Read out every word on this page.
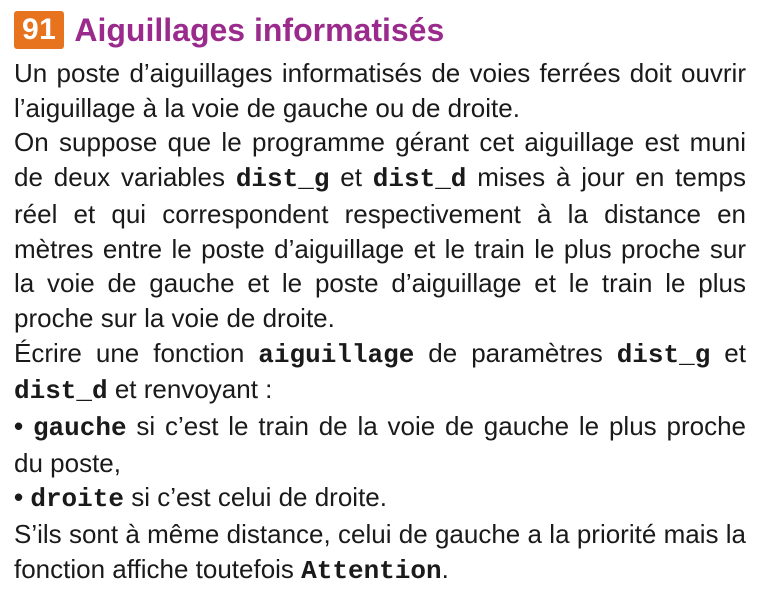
91 Aiguillages informatisés

Un poste d’aiguillages informatisés de voies ferrées doit ouvrir l’aiguillage à la voie de gauche ou de droite.

On suppose que le programme gérant cet aiguillage est muni de deux variables dist_g et dist_d mises à jour en temps réel et qui correspondent respectivement à la distance en mètres entre le poste d’aiguillage et le train le plus proche sur la voie de gauche et le poste d’aiguillage et le train le plus proche sur la voie de droite.

Écrire une fonction aiguillage de paramètres dist_g et dist_d et renvoyant :

• gauche si c’est le train de la voie de gauche le plus proche du poste,

• droite si c’est celui de droite.

S’ils sont à même distance, celui de gauche a la priorité mais la fonction affiche toutefois Attention.
